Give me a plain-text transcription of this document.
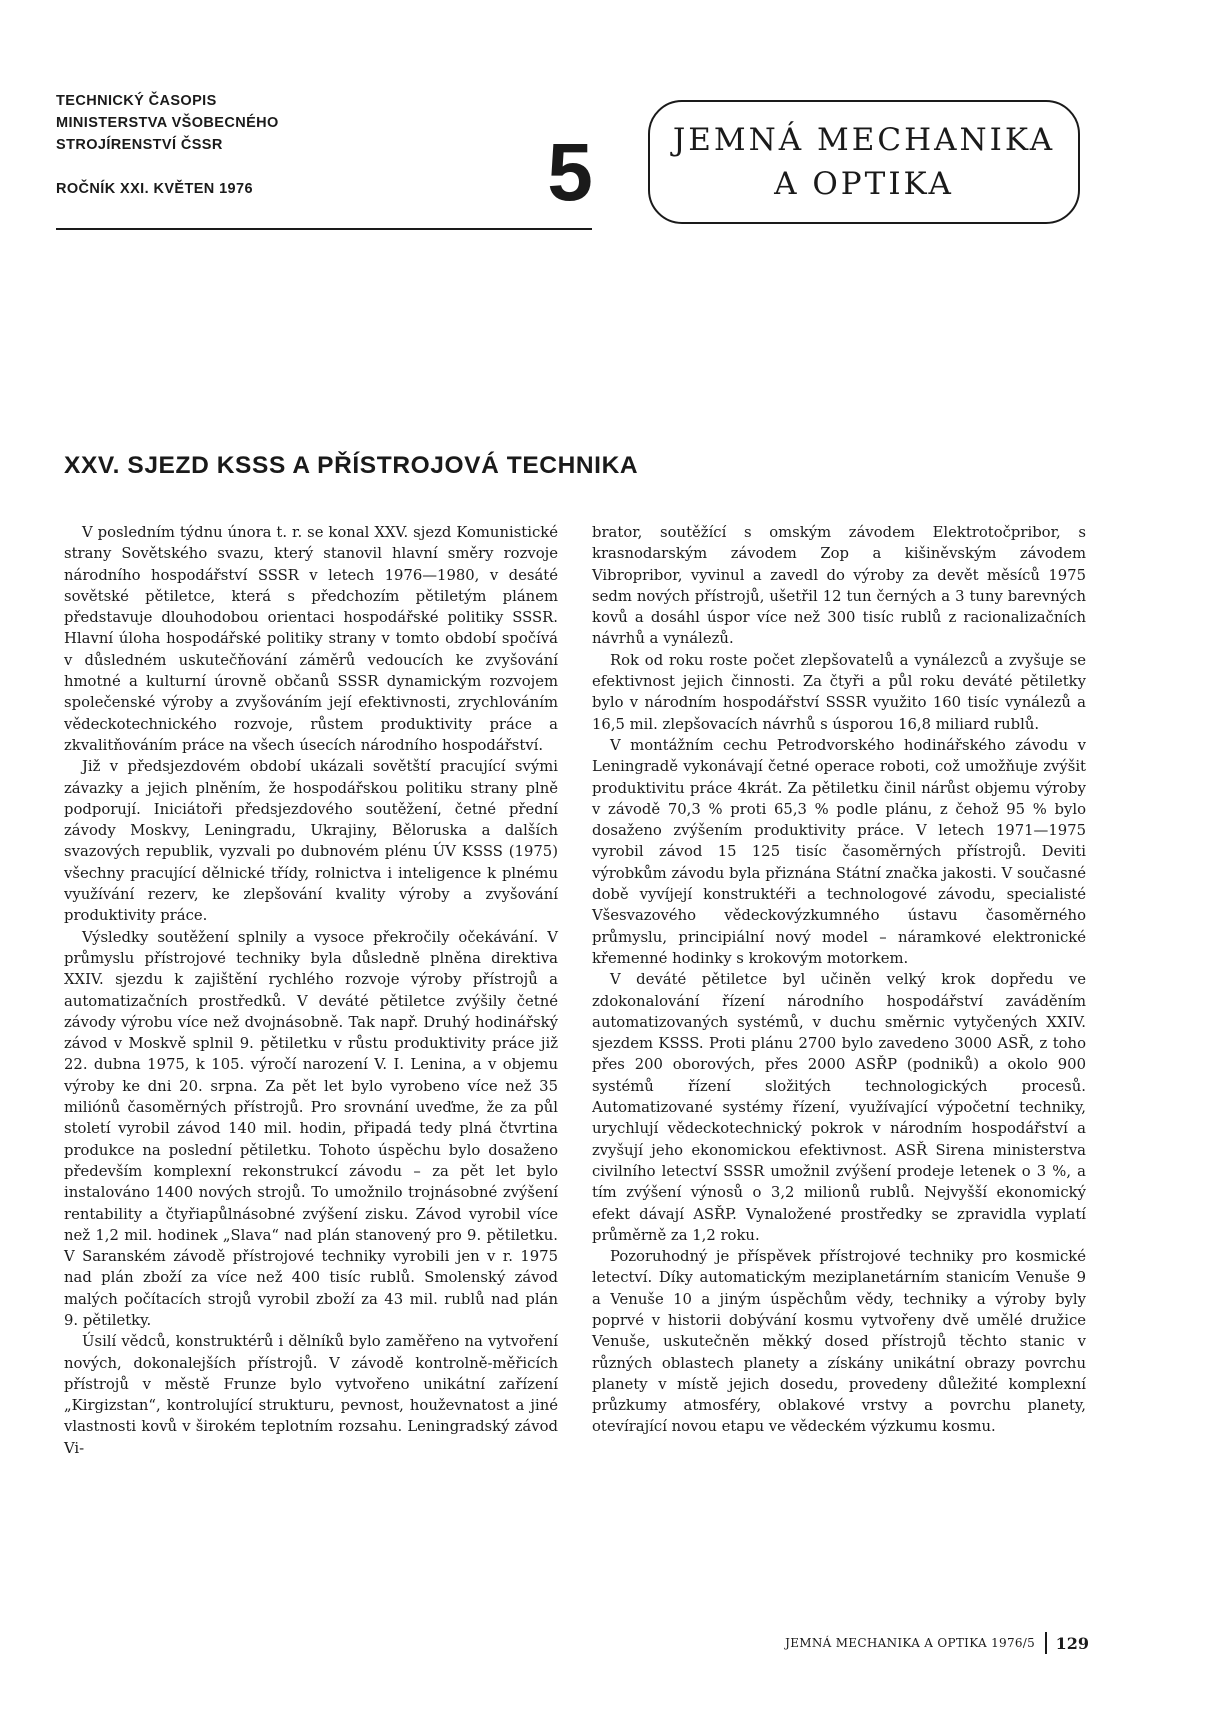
TECHNICKÝ ČASOPIS
MINISTERSTVA VŠOBECNÉHO
STROJÍRENSTVÍ ČSSR
ROČNÍK XXI. KVĚTEN 1976	5	JEMNÁ MECHANIKA
A OPTIKA
XXV. SJEZD KSSS A PŘÍSTROJOVÁ TECHNIKA

V posledním týdnu února t. r. se konal XXV. sjezd Komunistické strany Sovětského svazu, který stanovil hlavní směry rozvoje národního hospodářství SSSR v letech 1976—1980, v desáté sovětské pětiletce, která s předchozím pětiletým plánem představuje dlouhodobou orientaci hospodářské politiky SSSR. Hlavní úloha hospodářské politiky strany v tomto období spočívá v důsledném uskutečňování záměrů vedoucích ke zvyšování hmotné a kulturní úrovně občanů SSSR dynamickým rozvojem společenské výroby a zvyšováním její efektivnosti, zrychlováním vědeckotechnického rozvoje, růstem produktivity práce a zkvalitňováním práce na všech úsecích národního hospodářství.

Již v předsjezdovém období ukázali sovětští pracující svými závazky a jejich plněním, že hospodářskou politiku strany plně podporují. Iniciátoři předsjezdového soutěžení, četné přední závody Moskvy, Leningradu, Ukrajiny, Běloruska a dalších svazových republik, vyzvali po dubnovém plénu ÚV KSSS (1975) všechny pracující dělnické třídy, rolnictva i inteligence k plnému využívání rezerv, ke zlepšování kvality výroby a zvyšování produktivity práce.

Výsledky soutěžení splnily a vysoce překročily očekávání. V průmyslu přístrojové techniky byla důsledně plněna direktiva XXIV. sjezdu k zajištění rychlého rozvoje výroby přístrojů a automatizačních prostředků. V deváté pětiletce zvýšily četné závody výrobu více než dvojnásobně. Tak např. Druhý hodinářský závod v Moskvě splnil 9. pětiletku v růstu produktivity práce již 22. dubna 1975, k 105. výročí narození V. I. Lenina, a v objemu výroby ke dni 20. srpna. Za pět let bylo vyrobeno více než 35 miliónů časoměrných přístrojů. Pro srovnání uveďme, že za půl století vyrobil závod 140 mil. hodin, připadá tedy plná čtvrtina produkce na poslední pětiletku. Tohoto úspěchu bylo dosaženo především komplexní rekonstrukcí závodu – za pět let bylo instalováno 1400 nových strojů. To umožnilo trojnásobné zvýšení rentability a čtyřiapůlnásobné zvýšení zisku. Závod vyrobil více než 1,2 mil. hodinek „Slava“ nad plán stanovený pro 9. pětiletku. V Saranském závodě přístrojové techniky vyrobili jen v r. 1975 nad plán zboží za více než 400 tisíc rublů. Smolenský závod malých počítacích strojů vyrobil zboží za 43 mil. rublů nad plán 9. pětiletky.

Úsilí vědců, konstruktérů i dělníků bylo zaměřeno na vytvoření nových, dokonalejších přístrojů. V závodě kontrolně-měřicích přístrojů v městě Frunze bylo vytvořeno unikátní zařízení „Kirgizstan“, kontrolující strukturu, pevnost, houževnatost a jiné vlastnosti kovů v širokém teplotním rozsahu. Leningradský závod Vi-

brator, soutěžící s omským závodem Elektrotočpribor, s krasnodarským závodem Zop a kišiněvským závodem Vibropribor, vyvinul a zavedl do výroby za devět měsíců 1975 sedm nových přístrojů, ušetřil 12 tun černých a 3 tuny barevných kovů a dosáhl úspor více než 300 tisíc rublů z racionalizačních návrhů a vynálezů.

Rok od roku roste počet zlepšovatelů a vynálezců a zvyšuje se efektivnost jejich činnosti. Za čtyři a půl roku deváté pětiletky bylo v národním hospodářství SSSR využito 160 tisíc vynálezů a 16,5 mil. zlepšovacích návrhů s úsporou 16,8 miliard rublů.

V montážním cechu Petrodvorského hodinářského závodu v Leningradě vykonávají četné operace roboti, což umožňuje zvýšit produktivitu práce 4krát. Za pětiletku činil nárůst objemu výroby v závodě 70,3 % proti 65,3 % podle plánu, z čehož 95 % bylo dosaženo zvýšením produktivity práce. V letech 1971—1975 vyrobil závod 15 125 tisíc časoměrných přístrojů. Deviti výrobkům závodu byla přiznána Státní značka jakosti. V současné době vyvíjejí konstruktéři a technologové závodu, specialisté Všesvazového vědeckovýzkumného ústavu časoměrného průmyslu, principiální nový model – náramkové elektronické křemenné hodinky s krokovým motorkem.

V deváté pětiletce byl učiněn velký krok dopředu ve zdokonalování řízení národního hospodářství zaváděním automatizovaných systémů, v duchu směrnic vytyčených XXIV. sjezdem KSSS. Proti plánu 2700 bylo zavedeno 3000 ASŘ, z toho přes 200 oborových, přes 2000 ASŘP (podniků) a okolo 900 systémů řízení složitých technologických procesů. Automatizované systémy řízení, využívající výpočetní techniky, urychlují vědeckotechnický pokrok v národním hospodářství a zvyšují jeho ekonomickou efektivnost. ASŘ Sirena ministerstva civilního letectví SSSR umožnil zvýšení prodeje letenek o 3 %, a tím zvýšení výnosů o 3,2 milionů rublů. Nejvyšší ekonomický efekt dávají ASŘP. Vynaložené prostředky se zpravidla vyplatí průměrně za 1,2 roku.

Pozoruhodný je příspěvek přístrojové techniky pro kosmické letectví. Díky automatickým meziplanetárním stanicím Venuše 9 a Venuše 10 a jiným úspěchům vědy, techniky a výroby byly poprvé v historii dobývání kosmu vytvořeny dvě umělé družice Venuše, uskutečněn měkký dosed přístrojů těchto stanic v různých oblastech planety a získány unikátní obrazy povrchu planety v místě jejich dosedu, provedeny důležité komplexní průzkumy atmosféry, oblakové vrstvy a povrchu planety, otevírající novou etapu ve vědeckém výzkumu kosmu.

JEMNÁ MECHANIKA A OPTIKA 1976/5 129
